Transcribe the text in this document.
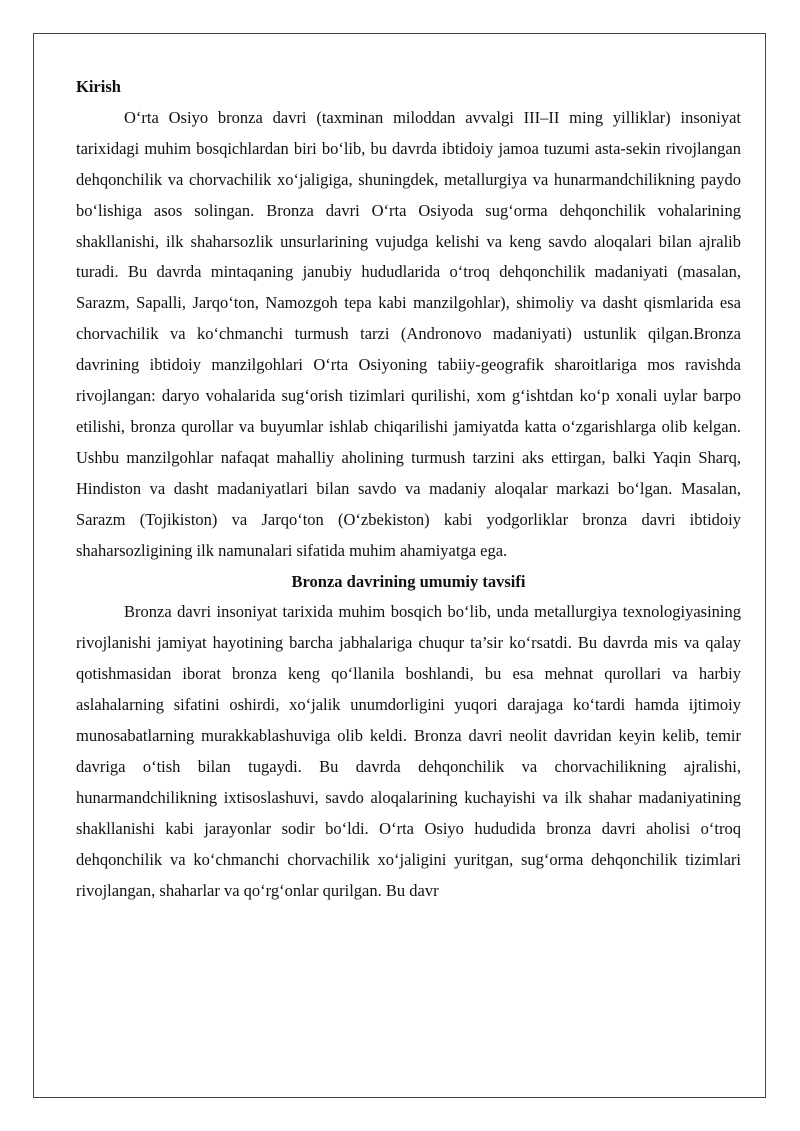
Kirish

O‘rta Osiyo bronza davri (taxminan miloddan avvalgi III–II ming yilliklar) insoniyat tarixidagi muhim bosqichlardan biri bo‘lib, bu davrda ibtidoiy jamoa tuzumi asta-sekin rivojlangan dehqonchilik va chorvachilik xo‘jaligiga, shuningdek, metallurgiya va hunarmandchilikning paydo bo‘lishiga asos solingan. Bronza davri O‘rta Osiyoda sug‘orma dehqonchilik vohalarining shakllanishi, ilk shaharsozlik unsurlarining vujudga kelishi va keng savdo aloqalari bilan ajralib turadi. Bu davrda mintaqaning janubiy hududlarida o‘troq dehqonchilik madaniyati (masalan, Sarazm, Sapalli, Jarqo‘ton, Namozgoh tepa kabi manzilgohlar), shimoliy va dasht qismlarida esa chorvachilik va ko‘chmanchi turmush tarzi (Andronovo madaniyati) ustunlik qilgan.Bronza davrining ibtidoiy manzilgohlari O‘rta Osiyoning tabiiy-geografik sharoitlariga mos ravishda rivojlangan: daryo vohalarida sug‘orish tizimlari qurilishi, xom g‘ishtdan ko‘p xonali uylar barpo etilishi, bronza qurollar va buyumlar ishlab chiqarilishi jamiyatda katta o‘zgarishlarga olib kelgan. Ushbu manzilgohlar nafaqat mahalliy aholining turmush tarzini aks ettirgan, balki Yaqin Sharq, Hindiston va dasht madaniyatlari bilan savdo va madaniy aloqalar markazi bo‘lgan. Masalan, Sarazm (Tojikiston) va Jarqo‘ton (O‘zbekiston) kabi yodgorliklar bronza davri ibtidoiy shaharsozligining ilk namunalari sifatida muhim ahamiyatga ega.

Bronza davrining umumiy tavsifi

Bronza davri insoniyat tarixida muhim bosqich bo‘lib, unda metallurgiya texnologiyasining rivojlanishi jamiyat hayotining barcha jabhalariga chuqur ta’sir ko‘rsatdi. Bu davrda mis va qalay qotishmasidan iborat bronza keng qo‘llanila boshlandi, bu esa mehnat qurollari va harbiy aslahalarning sifatini oshirdi, xo‘jalik unumdorligini yuqori darajaga ko‘tardi hamda ijtimoiy munosabatlarning murakkablashuviga olib keldi. Bronza davri neolit davridan keyin kelib, temir davriga o‘tish bilan tugaydi. Bu davrda dehqonchilik va chorvachilikning ajralishi, hunarmandchilikning ixtisoslashuvi, savdo aloqalarining kuchayishi va ilk shahar madaniyatining shakllanishi kabi jarayonlar sodir bo‘ldi. O‘rta Osiyo hududida bronza davri aholisi o‘troq dehqonchilik va ko‘chmanchi chorvachilik xo‘jaligini yuritgan, sug‘orma dehqonchilik tizimlari rivojlangan, shaharlar va qo‘rg‘onlar qurilgan. Bu davr
